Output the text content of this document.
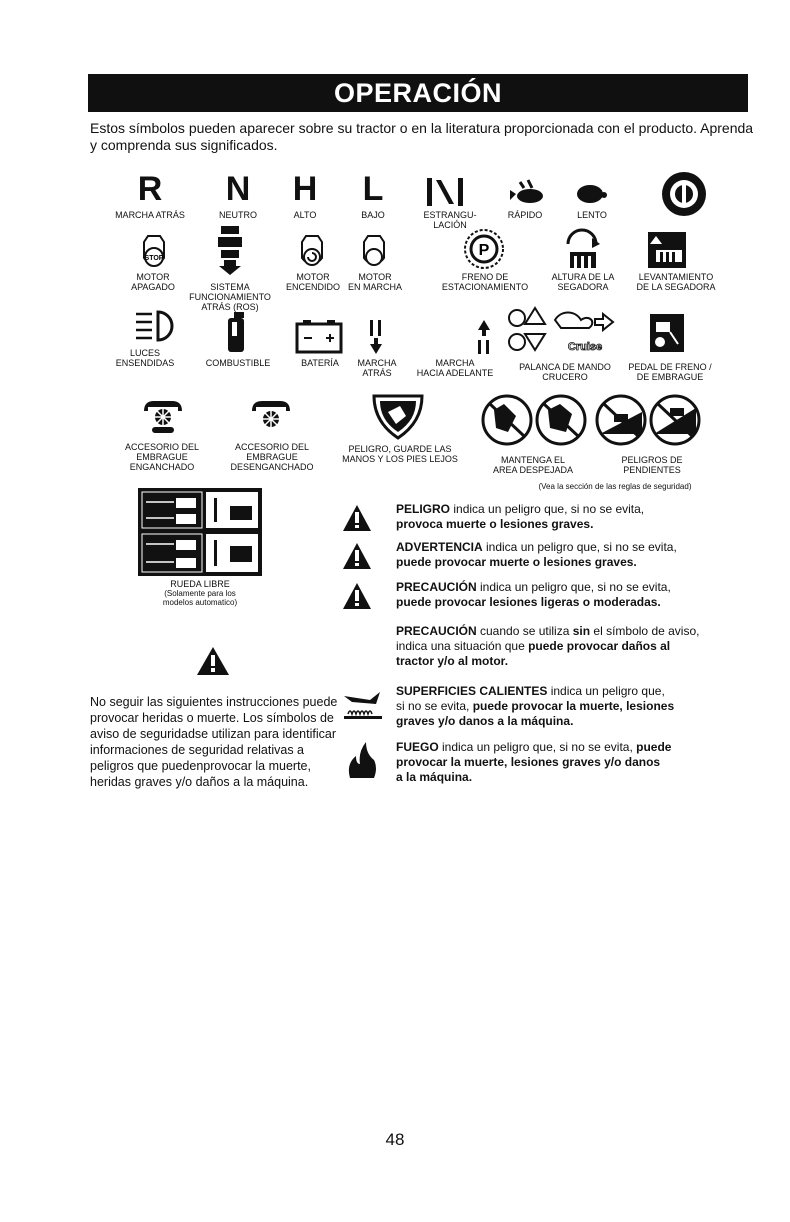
OPERACIÓN
Estos símbolos pueden aparecer sobre su tractor o en la literatura proporcionada con el producto. Aprenda y comprenda sus significados.
R
MARCHA ATRÁS
N
NEUTRO
H
ALTO
L
BAJO	ESTRANGU-
LACIÓN
RÁPIDO	LENTO
STOP
MOTOR
APAGADO	SISTEMA
FUNCIONAMIENTO
ATRÁS (ROS)
MOTOR
ENCENDIDO
MOTOR
EN MARCHA
P
FRENO DE
ESTACIONAMIENTO
ALTURA DE LA
SEGADORA
LEVANTAMIENTO
DE LA SEGADORA
LUCES
ENSENDIDAS	COMBUSTIBLE	BATERÍA	MARCHA
ATRÁS
MARCHA
HACIA ADELANTE
Cruise
PALANCA DE MANDO
CRUCERO
PEDAL DE FRENO /
DE EMBRAGUE
ACCESORIO DEL
EMBRAGUE
ENGANCHADO
ACCESORIO DEL
EMBRAGUE
DESENGANCHADO
PELIGRO, GUARDE LAS
MANOS Y LOS PIES LEJOS	MANTENGA EL
AREA DESPEJADA
PELIGROS DE
PENDIENTES
(Vea la sección de las reglas de seguridad)
RUEDA LIBRE
(Solamente para los
modelos automatico)
No seguir las siguientes instrucciones puede provocar heridas o muerte. Los símbolos de aviso de seguridadse utilizan para identificar informaciones de seguridad relativas a peligros que puedenprovocar la muerte, heridas graves y/o daños a la máquina.
PELIGRO indica un peligro que, si no se evita,
provoca muerte o lesiones graves.
ADVERTENCIA indica un peligro que, si no se evita,
puede provocar muerte o lesiones graves.
PRECAUCIÓN indica un peligro que, si no se evita,
puede provocar lesiones ligeras o moderadas.
PRECAUCIÓN cuando se utiliza sin el símbolo de aviso,
indica una situación que puede provocar daños al
tractor y/o al motor.
SUPERFICIES CALIENTES indica un peligro que,
si no se evita, puede provocar la muerte, lesiones
graves y/o danos a la máquina.
FUEGO indica un peligro que, si no se evita, puede
provocar la muerte, lesiones graves y/o danos
a la máquina.
48
